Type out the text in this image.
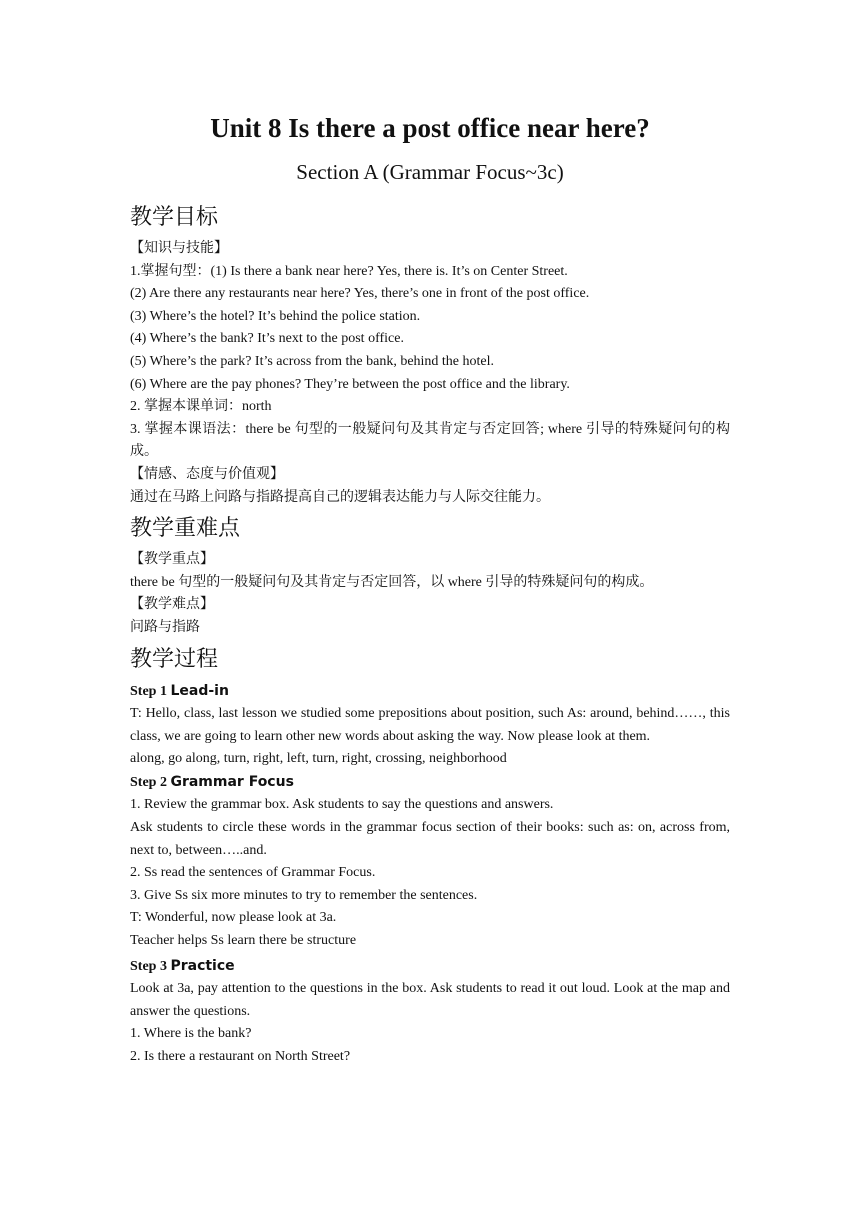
Unit 8 Is there a post office near here?
Section A (Grammar Focus~3c)
教学目标

【知识与技能】

1.掌握句型：(1) Is there a bank near here? Yes, there is. It’s on Center Street.

(2) Are there any restaurants near here? Yes, there’s one in front of the post office.

(3) Where’s the hotel? It’s behind the police station.

(4) Where’s the bank? It’s next to the post office.

(5) Where’s the park? It’s across from the bank, behind the hotel.

(6) Where are the pay phones? They’re between the post office and the library.

2. 掌握本课单词：north

3. 掌握本课语法：there be 句型的一般疑问句及其肯定与否定回答; where 引导的特殊疑问句的构成。

【情感、态度与价值观】

通过在马路上问路与指路提高自己的逻辑表达能力与人际交往能力。

教学重难点

【教学重点】

there be 句型的一般疑问句及其肯定与否定回答，以 where 引导的特殊疑问句的构成。

【教学难点】

问路与指路

教学过程

Step 1 Lead-in

T: Hello, class, last lesson we studied some prepositions about position, such As: around, behind……, this class, we are going to learn other new words about asking the way. Now please look at them.

along, go along, turn, right, left, turn, right, crossing, neighborhood

Step 2 Grammar Focus

1. Review the grammar box. Ask students to say the questions and answers.

Ask students to circle these words in the grammar focus section of their books: such as: on, across from, next to, between…..and.

2. Ss read the sentences of Grammar Focus.

3. Give Ss six more minutes to try to remember the sentences.

T: Wonderful, now please look at 3a.

Teacher helps Ss learn there be structure

Step 3 Practice

Look at 3a, pay attention to the questions in the box. Ask students to read it out loud. Look at the map and answer the questions.

1. Where is the bank?

2. Is there a restaurant on North Street?
